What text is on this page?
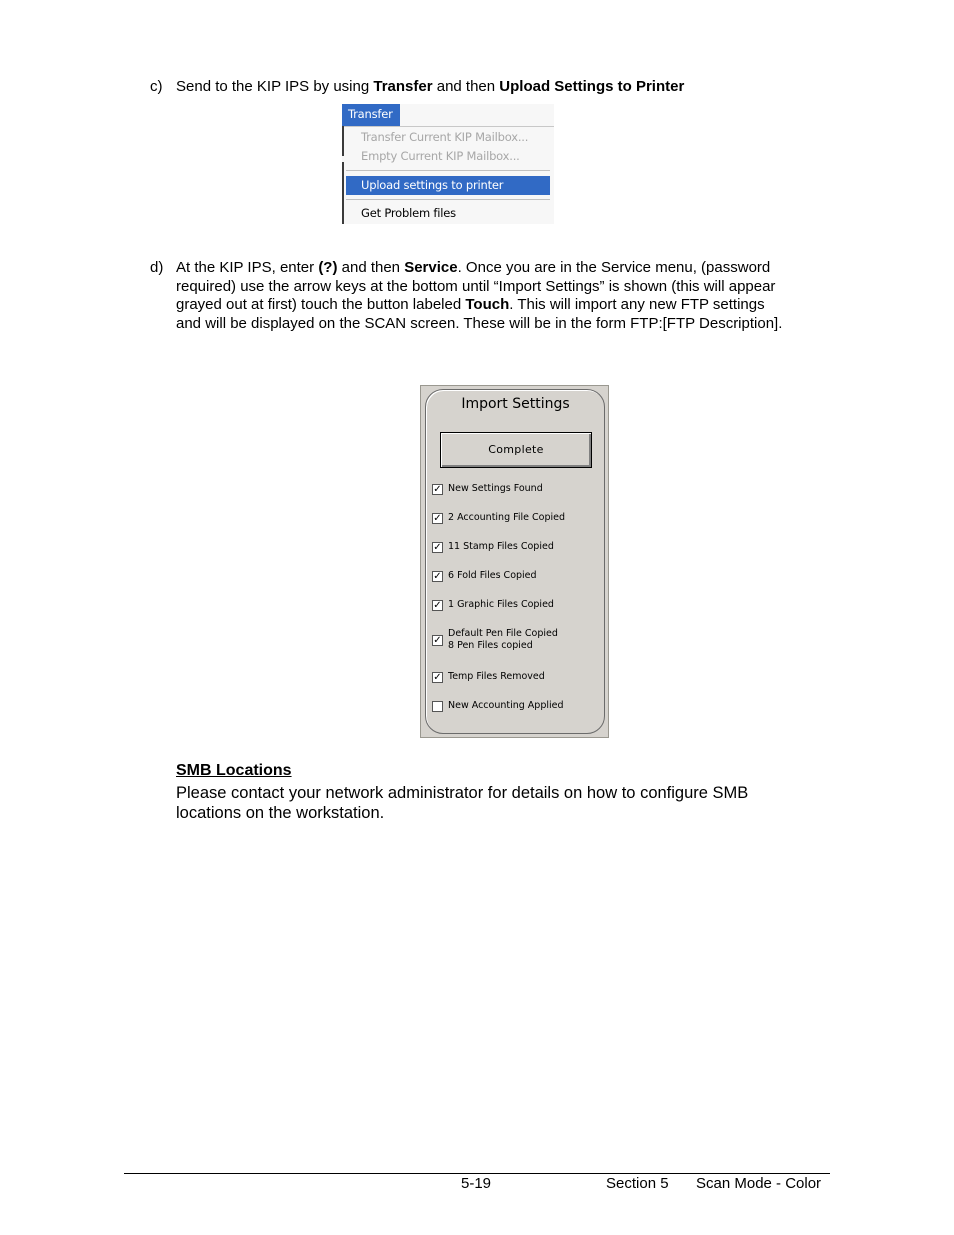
c) Send to the KIP IPS by using Transfer and then Upload Settings to Printer
Transfer
Transfer Current KIP Mailbox...
Empty Current KIP Mailbox...
Upload settings to printer
Get Problem files
d) At the KIP IPS, enter (?) and then Service. Once you are in the Service menu, (password
required) use the arrow keys at the bottom until “Import Settings” is shown (this will appear
grayed out at first) touch the button labeled Touch. This will import any new FTP settings
and will be displayed on the SCAN screen. These will be in the form FTP:[FTP Description].
Import Settings
Complete
✓ New Settings Found
✓ 2 Accounting File Copied
✓ 11 Stamp Files Copied
✓ 6 Fold Files Copied
✓ 1 Graphic Files Copied
✓
Default Pen File Copied
8 Pen Files copied
✓ Temp Files Removed
New Accounting Applied
SMB Locations
Please contact your network administrator for details on how to configure SMB
locations on the workstation.
5-19	Section 5 Scan Mode - Color
